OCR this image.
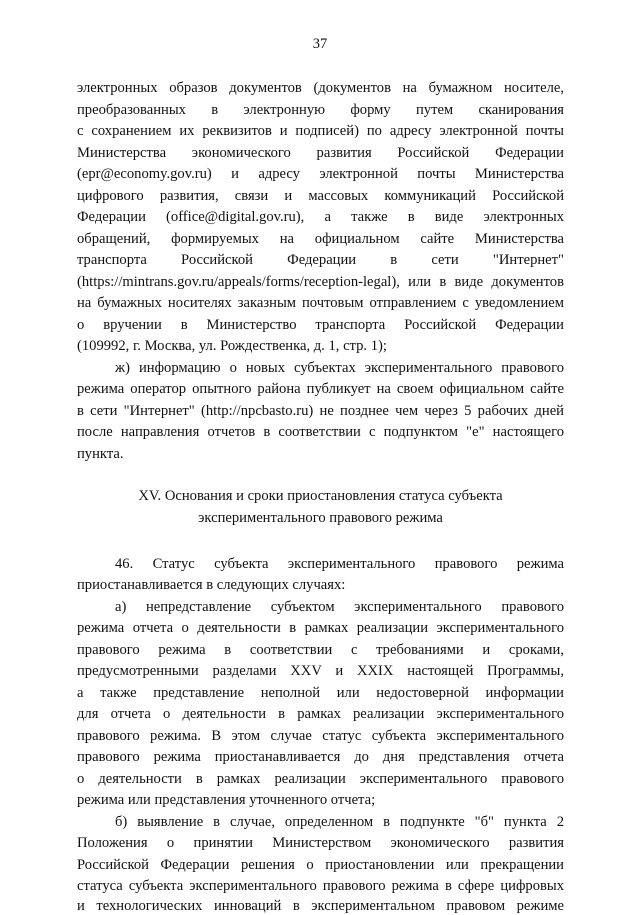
37
электронных образов документов (документов на бумажном носителе,
преобразованных в электронную форму путем сканирования
с сохранением их реквизитов и подписей) по адресу электронной почты
Министерства экономического развития Российской Федерации
(epr@economy.gov.ru) и адресу электронной почты Министерства
цифрового развития, связи и массовых коммуникаций Российской
Федерации (office@digital.gov.ru), а также в виде электронных
обращений, формируемых на официальном сайте Министерства
транспорта Российской Федерации в сети "Интернет"
(https://mintrans.gov.ru/appeals/forms/reception-legal), или в виде документов
на бумажных носителях заказным почтовым отправлением с уведомлением
о вручении в Министерство транспорта Российской Федерации
(109992, г. Москва, ул. Рождественка, д. 1, стр. 1);
ж) информацию о новых субъектах экспериментального правового
режима оператор опытного района публикует на своем официальном сайте
в сети "Интернет" (http://npcbasto.ru) не позднее чем через 5 рабочих дней
после направления отчетов в соответствии с подпунктом "е" настоящего
пункта.
XV. Основания и сроки приостановления статуса субъекта
экспериментального правового режима
46. Статус субъекта экспериментального правового режима
приостанавливается в следующих случаях:
а) непредставление субъектом экспериментального правового
режима отчета о деятельности в рамках реализации экспериментального
правового режима в соответствии с требованиями и сроками,
предусмотренными разделами XXV и XXIX настоящей Программы,
а также представление неполной или недостоверной информации
для отчета о деятельности в рамках реализации экспериментального
правового режима. В этом случае статус субъекта экспериментального
правового режима приостанавливается до дня представления отчета
о деятельности в рамках реализации экспериментального правового
режима или представления уточненного отчета;
б) выявление в случае, определенном в подпункте "б" пункта 2
Положения о принятии Министерством экономического развития
Российской Федерации решения о приостановлении или прекращении
статуса субъекта экспериментального правового режима в сфере цифровых
и технологических инноваций в экспериментальном правовом режиме
